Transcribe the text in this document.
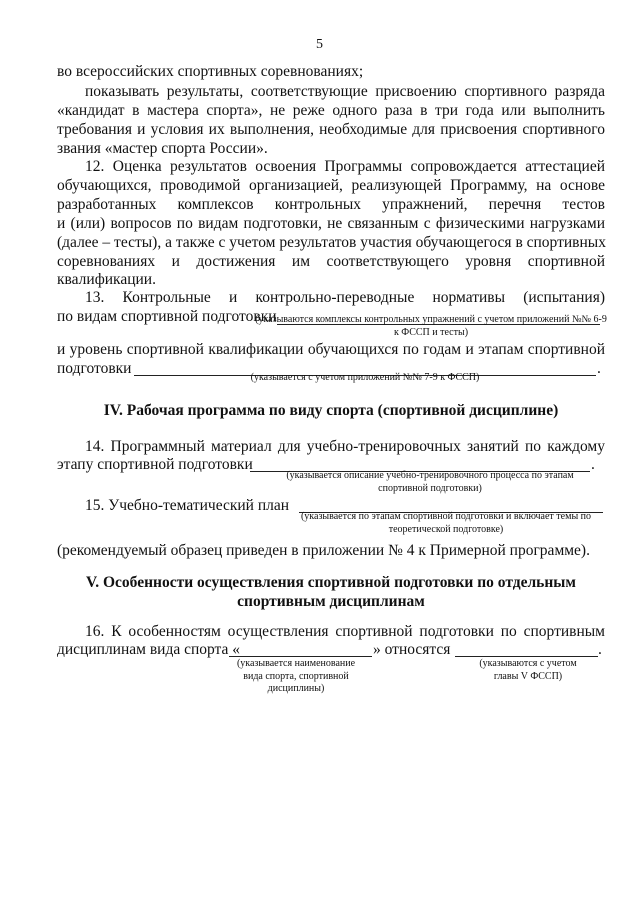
5
во всероссийских спортивных соревнованиях;
показывать результаты, соответствующие присвоению спортивного разряда
«кандидат в мастера спорта», не реже одного раза в три года или выполнить
требования и условия их выполнения, необходимые для присвоения спортивного
звания «мастер спорта России».
12. Оценка результатов освоения Программы сопровождается аттестацией
обучающихся, проводимой организацией, реализующей Программу, на основе
разработанных комплексов контрольных упражнений, перечня тестов
и (или) вопросов по видам подготовки, не связанным с физическими нагрузками
(далее – тесты), а также с учетом результатов участия обучающегося в спортивных
соревнованиях и достижения им соответствующего уровня спортивной
квалификации.
13. Контрольные и контрольно-переводные нормативы (испытания)
по видам спортивной подготовки
(указываются комплексы контрольных упражнений с учетом приложений №№ 6-9 к ФССП и тесты)
и уровень спортивной квалификации обучающихся по годам и этапам спортивной
подготовки	.
(указывается с учетом приложений №№ 7-9 к ФССП)
IV. Рабочая программа по виду спорта (спортивной дисциплине)
14. Программный материал для учебно-тренировочных занятий по каждому
этапу спортивной подготовки	.
(указывается описание учебно-тренировочного процесса по этапам спортивной подготовки)
15. Учебно-тематический план
(указывается по этапам спортивной подготовки и включает темы по теоретической подготовке)
(рекомендуемый образец приведен в приложении № 4 к Примерной программе).
V. Особенности осуществления спортивной подготовки по отдельным
спортивным дисциплинам
16. К особенностям осуществления спортивной подготовки по спортивным
дисциплинам вида спорта «	» относятся	.
(указывается наименование вида спорта, спортивной дисциплины)
(указываются с учетом главы V ФССП)
